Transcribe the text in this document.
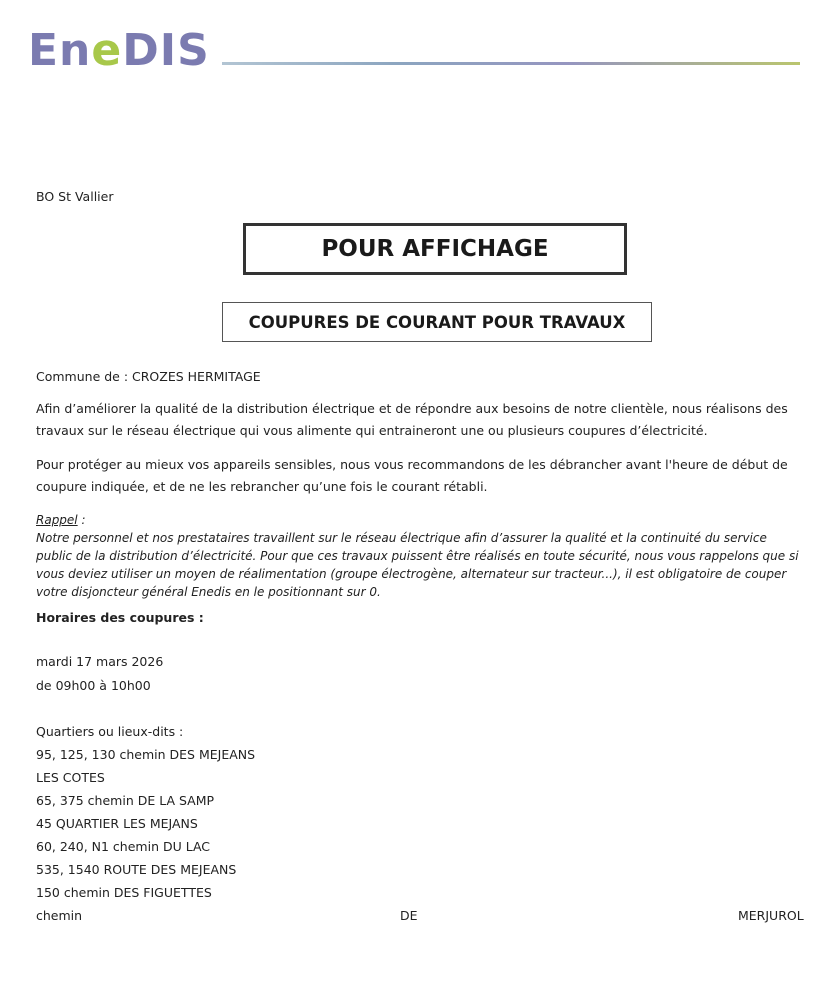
EneDIS
BO St Vallier
POUR AFFICHAGE
COUPURES DE COURANT POUR TRAVAUX
Commune de : CROZES HERMITAGE
Afin d’améliorer la qualité de la distribution électrique et de répondre aux besoins de notre clientèle, nous réalisons des travaux sur le réseau électrique qui vous alimente qui entraineront une ou plusieurs coupures d’électricité.
Pour protéger au mieux vos appareils sensibles, nous vous recommandons de les débrancher avant l'heure de début de coupure indiquée, et de ne les rebrancher qu’une fois le courant rétabli.
Rappel :
Notre personnel et nos prestataires travaillent sur le réseau électrique afin d’assurer la qualité et la continuité du service public de la distribution d’électricité. Pour que ces travaux puissent être réalisés en toute sécurité, nous vous rappelons que si vous deviez utiliser un moyen de réalimentation (groupe électrogène, alternateur sur tracteur...), il est obligatoire de couper votre disjoncteur général Enedis en le positionnant sur 0.
Horaires des coupures :
mardi 17 mars 2026
de 09h00 à 10h00
Quartiers ou lieux-dits :
95, 125, 130 chemin DES MEJEANS
LES COTES
65, 375 chemin DE LA SAMP
45 QUARTIER LES MEJANS
60, 240, N1 chemin DU LAC
535, 1540 ROUTE DES MEJEANS
150 chemin DES FIGUETTES
chemin	DE	MERJUROL
